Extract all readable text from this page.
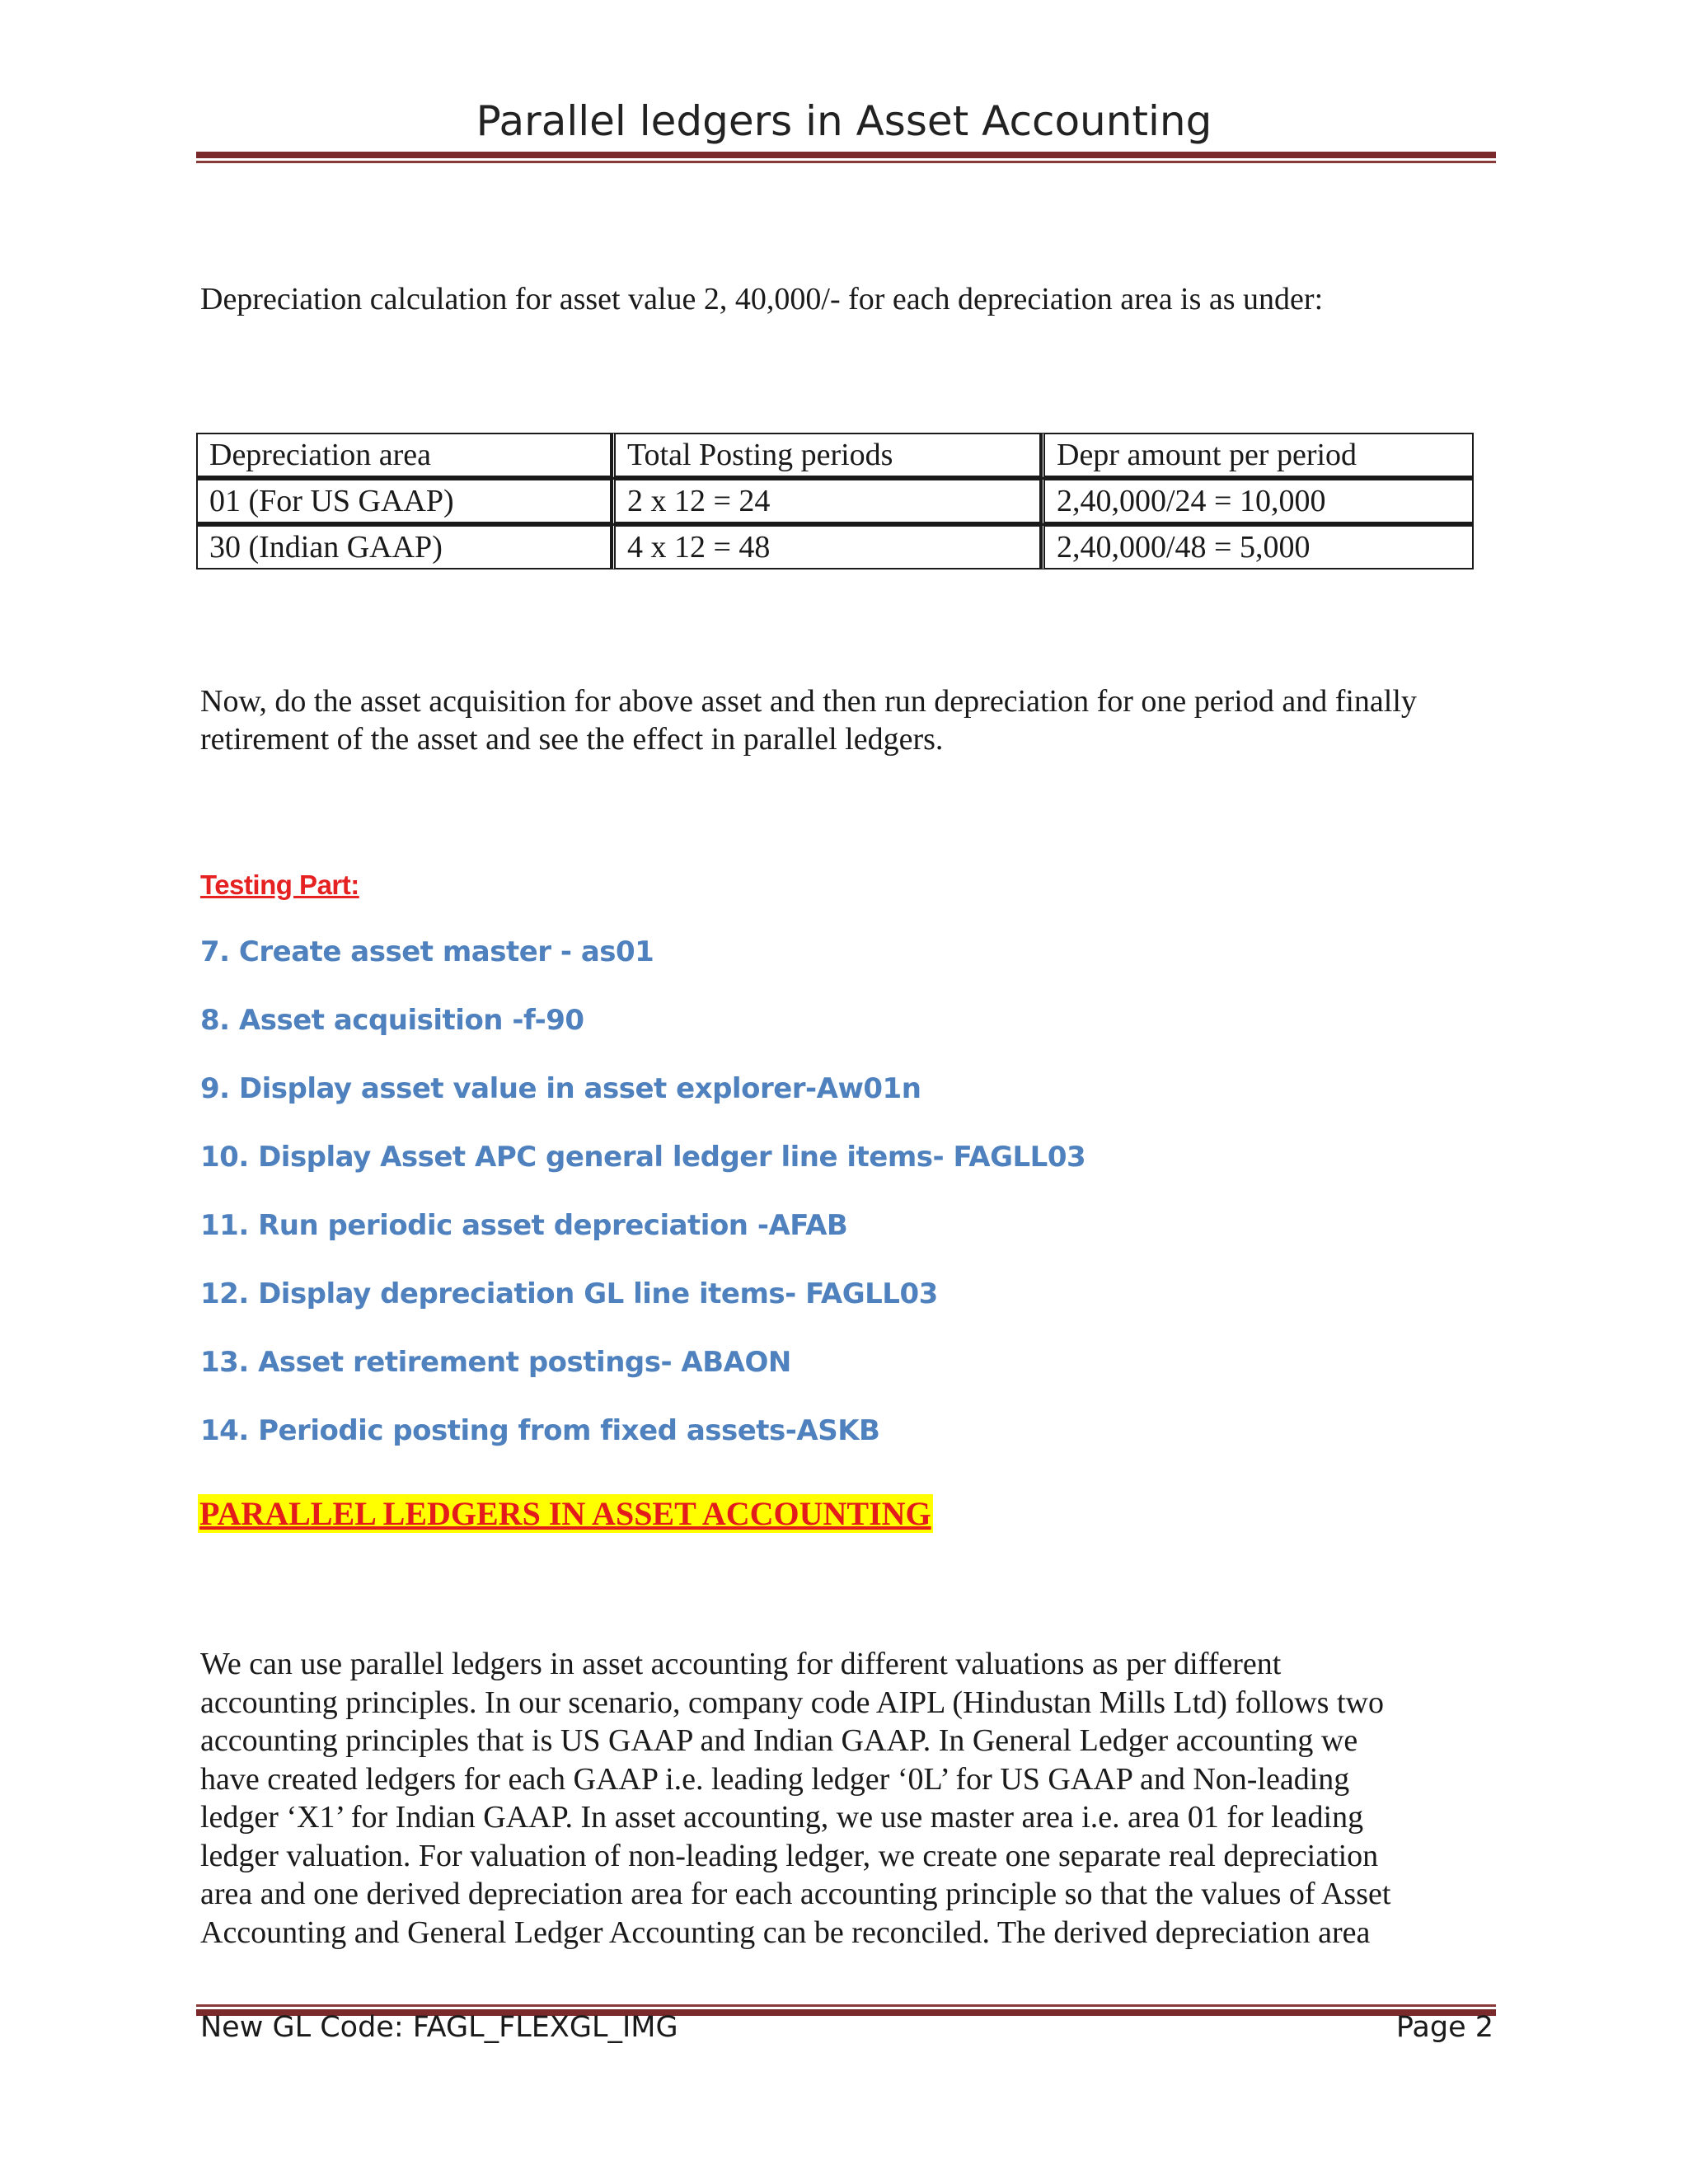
Parallel ledgers in Asset Accounting
Depreciation calculation for asset value 2, 40,000/- for each depreciation area is as under:
Depreciation area	Total Posting periods	Depr amount per period
01 (For US GAAP)	2 x 12 = 24	2,40,000/24 = 10,000
30 (Indian GAAP)	4 x 12 = 48	2,40,000/48 = 5,000
Now, do the asset acquisition for above asset and then run depreciation for one period and finally retirement of the asset and see the effect in parallel ledgers.
Testing Part:
7. Create asset master - as01
8. Asset acquisition -f-90
9. Display asset value in asset explorer-Aw01n
10. Display Asset APC general ledger line items- FAGLL03
11. Run periodic asset depreciation -AFAB
12. Display depreciation GL line items- FAGLL03
13. Asset retirement postings- ABAON
14. Periodic posting from fixed assets-ASKB
PARALLEL LEDGERS IN ASSET ACCOUNTING
We can use parallel ledgers in asset accounting for different valuations as per different
accounting principles. In our scenario, company code AIPL (Hindustan Mills Ltd) follows two
accounting principles that is US GAAP and Indian GAAP. In General Ledger accounting we
have created ledgers for each GAAP i.e. leading ledger ‘0L’ for US GAAP and Non-leading
ledger ‘X1’ for Indian GAAP. In asset accounting, we use master area i.e. area 01 for leading
ledger valuation. For valuation of non-leading ledger, we create one separate real depreciation
area and one derived depreciation area for each accounting principle so that the values of Asset
Accounting and General Ledger Accounting can be reconciled. The derived depreciation area
New GL Code: FAGL_FLEXGL_IMG	Page 2
